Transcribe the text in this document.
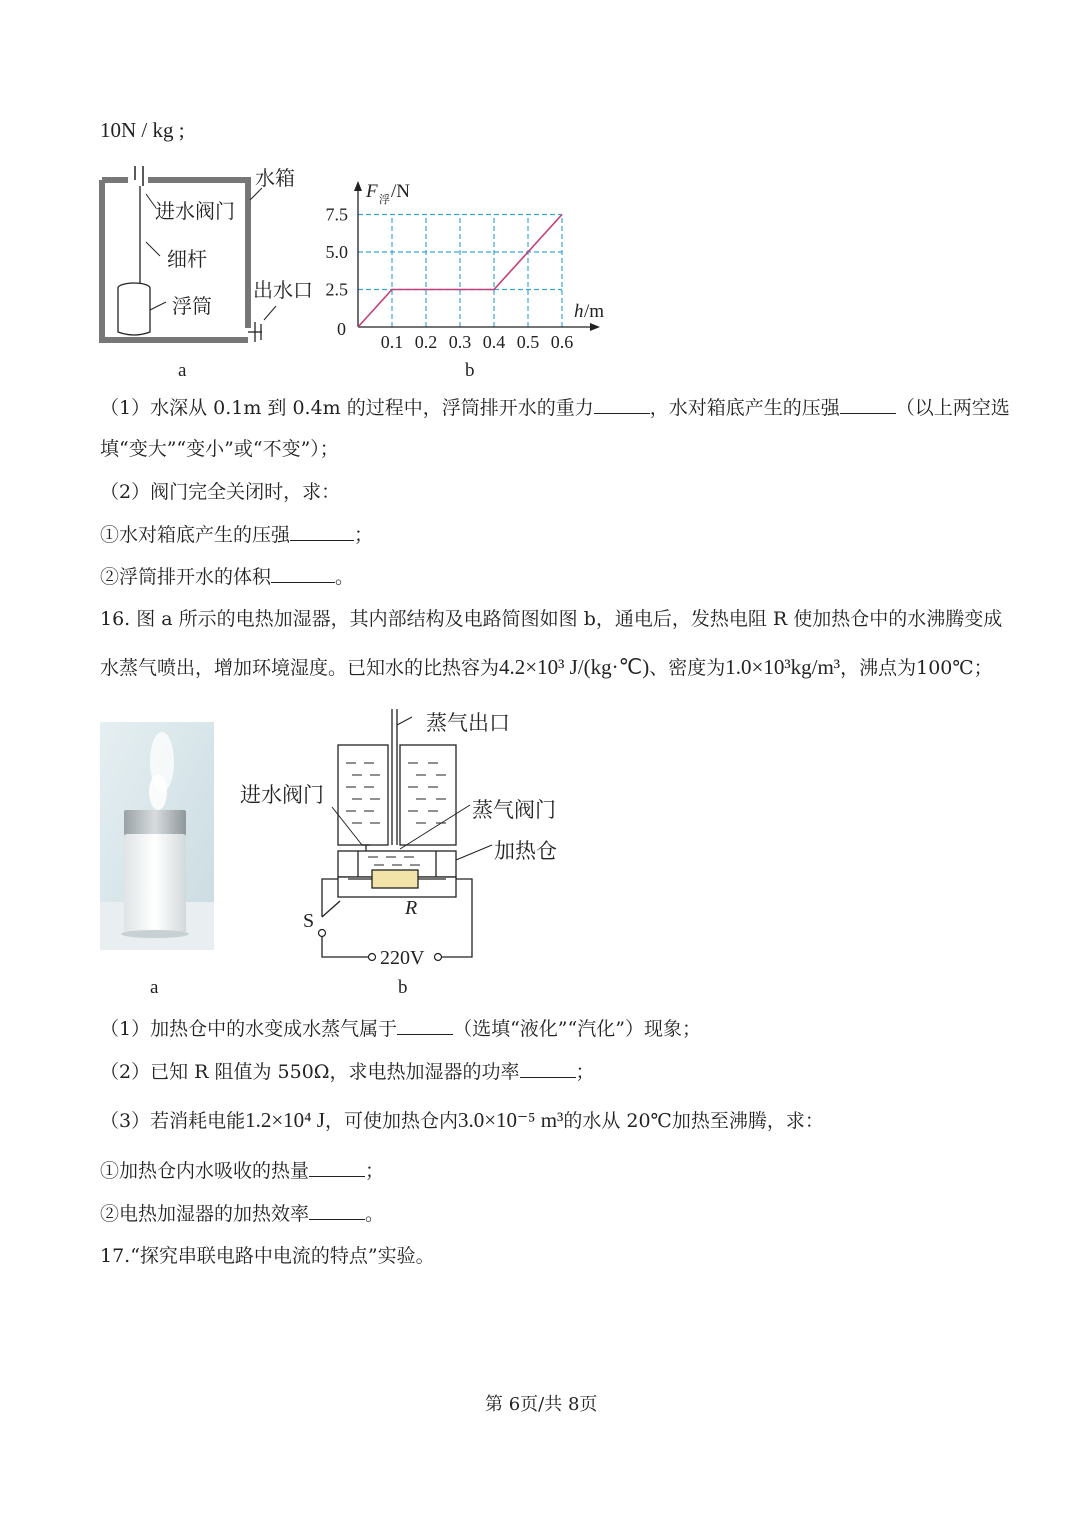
10N / kg ;
水箱
进水阀门
细杆
浮筒
出水口
a
7.5
5.0
2.5
0
0.1 0.2 0.3 0.4 0.5 0.6
F 浮 /N
h /m
b
（1）水深从 0.1m 到 0.4m 的过程中，浮筒排开水的重力	，水对箱底产生的压强	（以上两空选
填“变大”“变小”或“不变”）；
（2）阀门完全关闭时，求：
①水对箱底产生的压强	；
②浮筒排开水的体积	。
16. 图 a 所示的电热加湿器，其内部结构及电路简图如图 b，通电后，发热电阻 R 使加热仓中的水沸腾变成
水蒸气喷出，增加环境湿度。已知水的比热容为4.2×10³ J/(kg·℃)、密度为1.0×10³kg/m³，沸点为100℃；
a
蒸气出口
进水阀门
蒸气阀门
加热仓
R
S
220V
b
（1）加热仓中的水变成水蒸气属于	（选填“液化”“汽化”）现象；
（2）已知 R 阻值为 550Ω，求电热加湿器的功率	；
（3）若消耗电能1.2×10⁴ J，可使加热仓内3.0×10⁻⁵ m³的水从 20℃加热至沸腾，求：
①加热仓内水吸收的热量	；
②电热加湿器的加热效率	。
17.“探究串联电路中电流的特点”实验。
第 6页/共 8页
